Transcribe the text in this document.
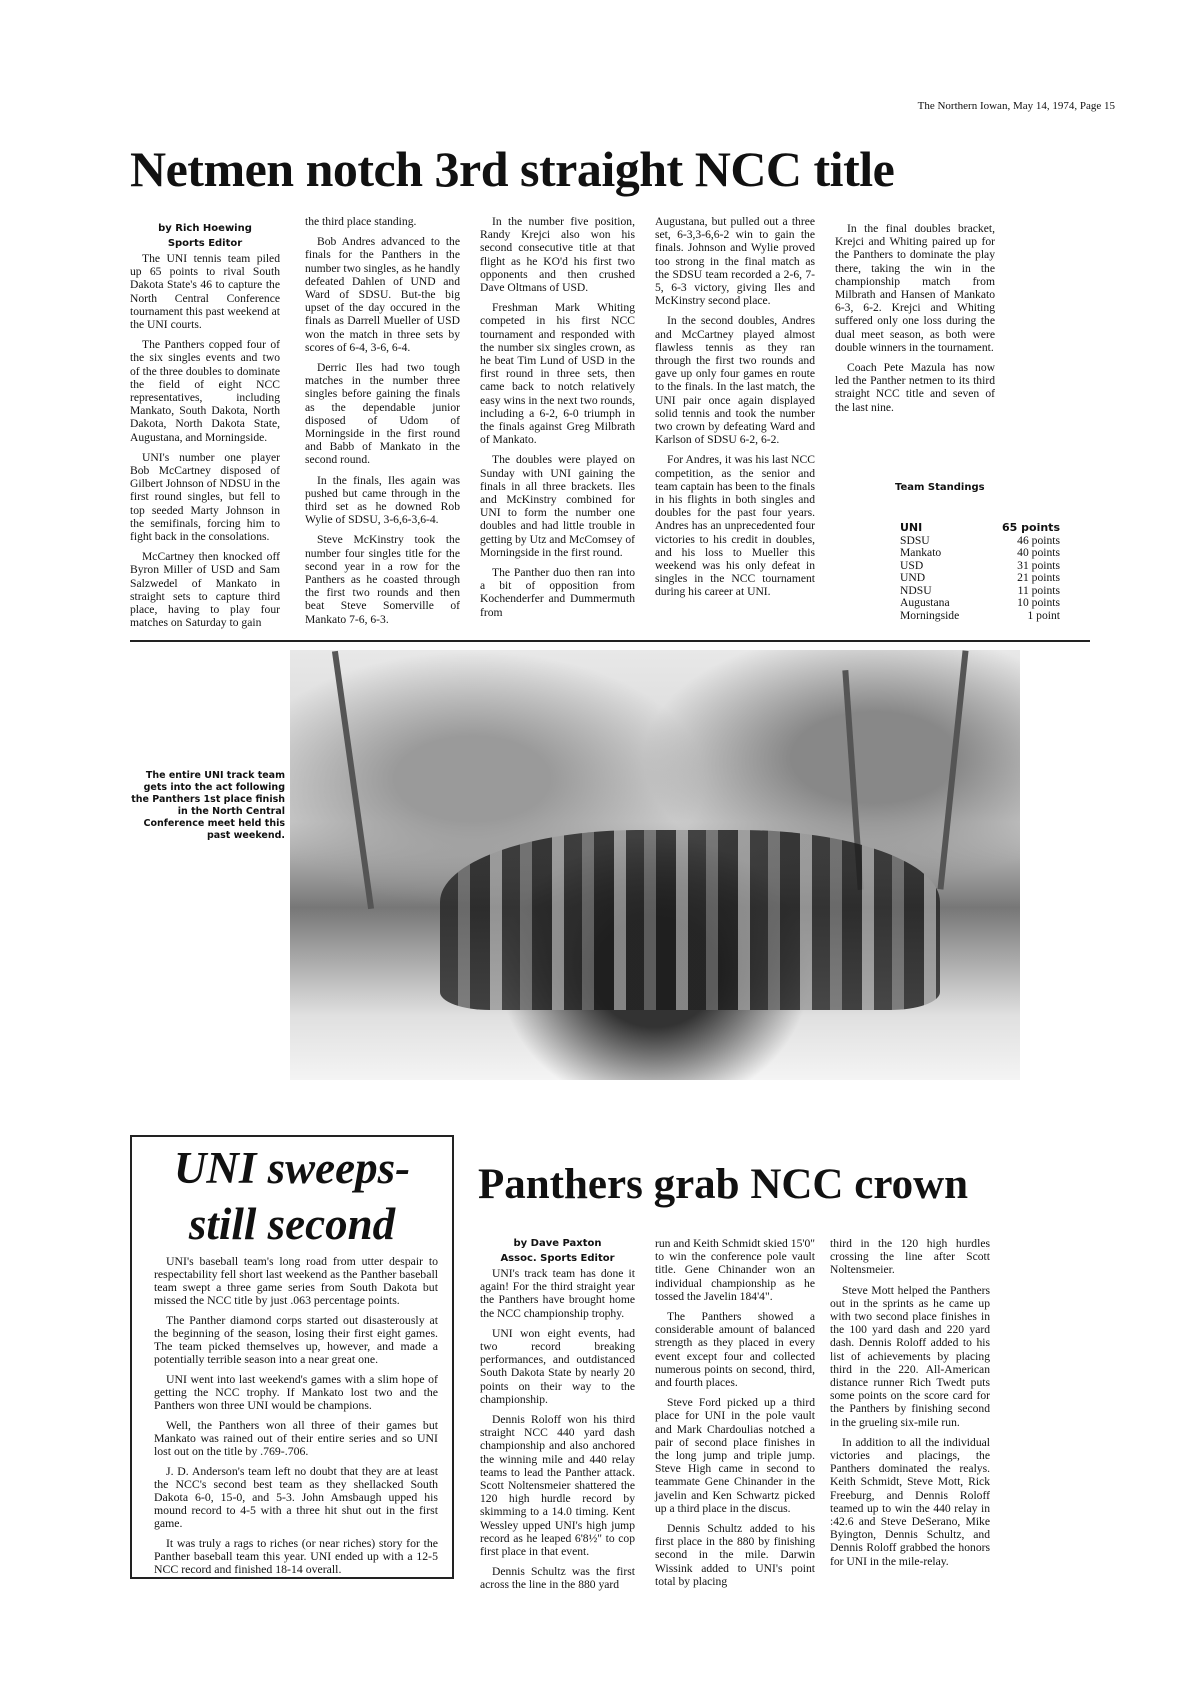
The Northern Iowan, May 14, 1974, Page 15
Netmen notch 3rd straight NCC title
by Rich Hoewing
Sports Editor

The UNI tennis team piled up 65 points to rival South Dakota State's 46 to capture the North Central Conference tournament this past weekend at the UNI courts.

The Panthers copped four of the six singles events and two of the three doubles to dominate the field of eight NCC representatives, including Mankato, South Dakota, North Dakota, North Dakota State, Augustana, and Morningside.

UNI's number one player Bob McCartney disposed of Gilbert Johnson of NDSU in the first round singles, but fell to top seeded Marty Johnson in the semifinals, forcing him to fight back in the consolations.

McCartney then knocked off Byron Miller of USD and Sam Salzwedel of Mankato in straight sets to capture third place, having to play four matches on Saturday to gain

the third place standing.

Bob Andres advanced to the finals for the Panthers in the number two singles, as he handly defeated Dahlen of UND and Ward of SDSU. But-the big upset of the day occured in the finals as Darrell Mueller of USD won the match in three sets by scores of 6-4, 3-6, 6-4.

Derric Iles had two tough matches in the number three singles before gaining the finals as the dependable junior disposed of Udom of Morningside in the first round and Babb of Mankato in the second round.

In the finals, Iles again was pushed but came through in the third set as he downed Rob Wylie of SDSU, 3-6,6-3,6-4.

Steve McKinstry took the number four singles title for the second year in a row for the Panthers as he coasted through the first two rounds and then beat Steve Somerville of Mankato 7-6, 6-3.

In the number five position, Randy Krejci also won his second consecutive title at that flight as he KO'd his first two opponents and then crushed Dave Oltmans of USD.

Freshman Mark Whiting competed in his first NCC tournament and responded with the number six singles crown, as he beat Tim Lund of USD in the first round in three sets, then came back to notch relatively easy wins in the next two rounds, including a 6-2, 6-0 triumph in the finals against Greg Milbrath of Mankato.

The doubles were played on Sunday with UNI gaining the finals in all three brackets. Iles and McKinstry combined for UNI to form the number one doubles and had little trouble in getting by Utz and McComsey of Morningside in the first round.

The Panther duo then ran into a bit of opposition from Kochenderfer and Dummermuth from

Augustana, but pulled out a three set, 6-3,3-6,6-2 win to gain the finals. Johnson and Wylie proved too strong in the final match as the SDSU team recorded a 2-6, 7-5, 6-3 victory, giving Iles and McKinstry second place.

In the second doubles, Andres and McCartney played almost flawless tennis as they ran through the first two rounds and gave up only four games en route to the finals. In the last match, the UNI pair once again displayed solid tennis and took the number two crown by defeating Ward and Karlson of SDSU 6-2, 6-2.

For Andres, it was his last NCC competition, as the senior and team captain has been to the finals in his flights in both singles and doubles for the past four years. Andres has an unprecedented four victories to his credit in doubles, and his loss to Mueller this weekend was his only defeat in singles in the NCC tournament during his career at UNI.

In the final doubles bracket, Krejci and Whiting paired up for the Panthers to dominate the play there, taking the win in the championship match from Milbrath and Hansen of Mankato 6-3, 6-2. Krejci and Whiting suffered only one loss during the dual meet season, as both were double winners in the tournament.

Coach Pete Mazula has now led the Panther netmen to its third straight NCC title and seven of the last nine.

Team Standings
UNI	65 points
SDSU	46 points
Mankato	40 points
USD	31 points
UND	21 points
NDSU	11 points
Augustana	10 points
Morningside	1 point
The entire UNI track team gets into the act following the Panthers 1st place finish in the North Central Conference meet held this past weekend.
UNI sweeps-
still second

UNI's baseball team's long road from utter despair to respectability fell short last weekend as the Panther baseball team swept a three game series from South Dakota but missed the NCC title by just .063 percentage points.

The Panther diamond corps started out disasterously at the beginning of the season, losing their first eight games. The team picked themselves up, however, and made a potentially terrible season into a near great one.

UNI went into last weekend's games with a slim hope of getting the NCC trophy. If Mankato lost two and the Panthers won three UNI would be champions.

Well, the Panthers won all three of their games but Mankato was rained out of their entire series and so UNI lost out on the title by .769-.706.

J. D. Anderson's team left no doubt that they are at least the NCC's second best team as they shellacked South Dakota 6-0, 15-0, and 5-3. John Amsbaugh upped his mound record to 4-5 with a three hit shut out in the first game.

It was truly a rags to riches (or near riches) story for the Panther baseball team this year. UNI ended up with a 12-5 NCC record and finished 18-14 overall.

Panthers grab NCC crown
by Dave Paxton
Assoc. Sports Editor

UNI's track team has done it again! For the third straight year the Panthers have brought home the NCC championship trophy.

UNI won eight events, had two record breaking performances, and outdistanced South Dakota State by nearly 20 points on their way to the championship.

Dennis Roloff won his third straight NCC 440 yard dash championship and also anchored the winning mile and 440 relay teams to lead the Panther attack. Scott Noltensmeier shattered the 120 high hurdle record by skimming to a 14.0 timing. Kent Wessley upped UNI's high jump record as he leaped 6'8½" to cop first place in that event.

Dennis Schultz was the first across the line in the 880 yard

run and Keith Schmidt skied 15'0" to win the conference pole vault title. Gene Chinander won an individual championship as he tossed the Javelin 184'4".

The Panthers showed a considerable amount of balanced strength as they placed in every event except four and collected numerous points on second, third, and fourth places.

Steve Ford picked up a third place for UNI in the pole vault and Mark Chardoulias notched a pair of second place finishes in the long jump and triple jump. Steve High came in second to teammate Gene Chinander in the javelin and Ken Schwartz picked up a third place in the discus.

Dennis Schultz added to his first place in the 880 by finishing second in the mile. Darwin Wissink added to UNI's point total by placing

third in the 120 high hurdles crossing the line after Scott Noltensmeier.

Steve Mott helped the Panthers out in the sprints as he came up with two second place finishes in the 100 yard dash and 220 yard dash. Dennis Roloff added to his list of achievements by placing third in the 220. All-American distance runner Rich Twedt puts some points on the score card for the Panthers by finishing second in the grueling six-mile run.

In addition to all the individual victories and placings, the Panthers dominated the realys. Keith Schmidt, Steve Mott, Rick Freeburg, and Dennis Roloff teamed up to win the 440 relay in :42.6 and Steve DeSerano, Mike Byington, Dennis Schultz, and Dennis Roloff grabbed the honors for UNI in the mile-relay.
